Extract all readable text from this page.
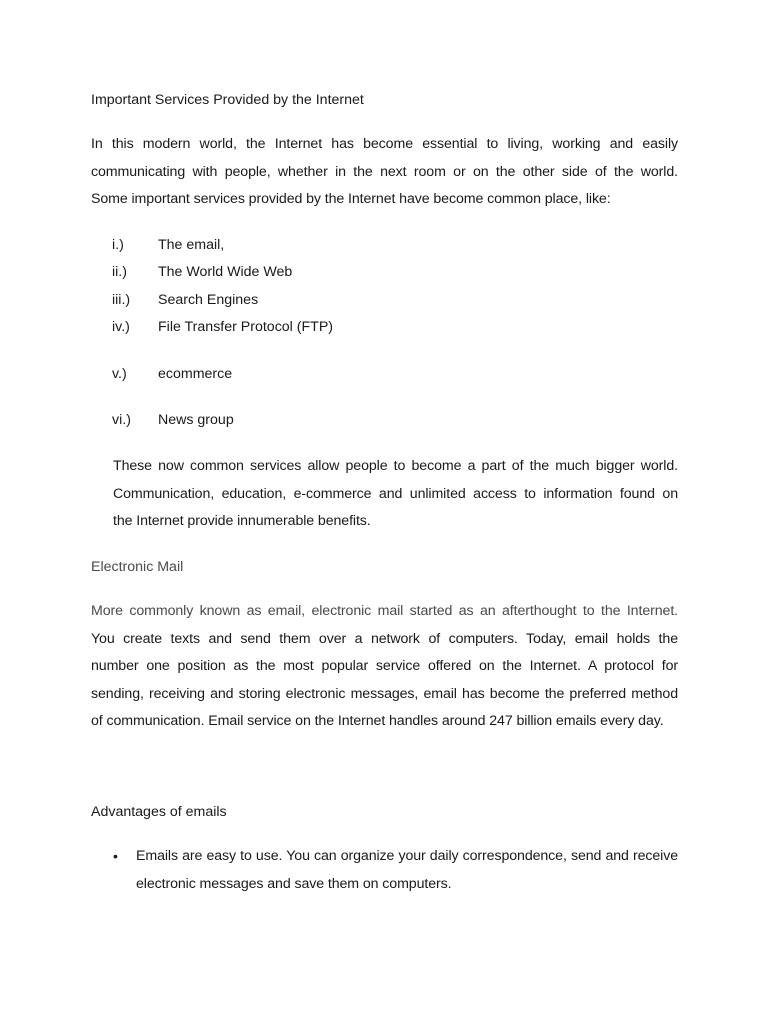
Important Services Provided by the Internet
In this modern world, the Internet has become essential to living, working and easily
communicating with people, whether in the next room or on the other side of the world.
Some important services provided by the Internet have become common place, like:
i.)	The email,
ii.)	The World Wide Web
iii.)	Search Engines
iv.)	File Transfer Protocol (FTP)
v.)	ecommerce
vi.)	News group
These now common services allow people to become a part of the much bigger world.
Communication, education, e-commerce and unlimited access to information found on
the Internet provide innumerable benefits.
Electronic Mail
More commonly known as email, electronic mail started as an afterthought to the Internet.
You create texts and send them over a network of computers. Today, email holds the
number one position as the most popular service offered on the Internet. A protocol for
sending, receiving and storing electronic messages, email has become the preferred method
of communication. Email service on the Internet handles around 247 billion emails every day.
Advantages of emails
•	Emails are easy to use. You can organize your daily correspondence, send and receive
electronic messages and save them on computers.
